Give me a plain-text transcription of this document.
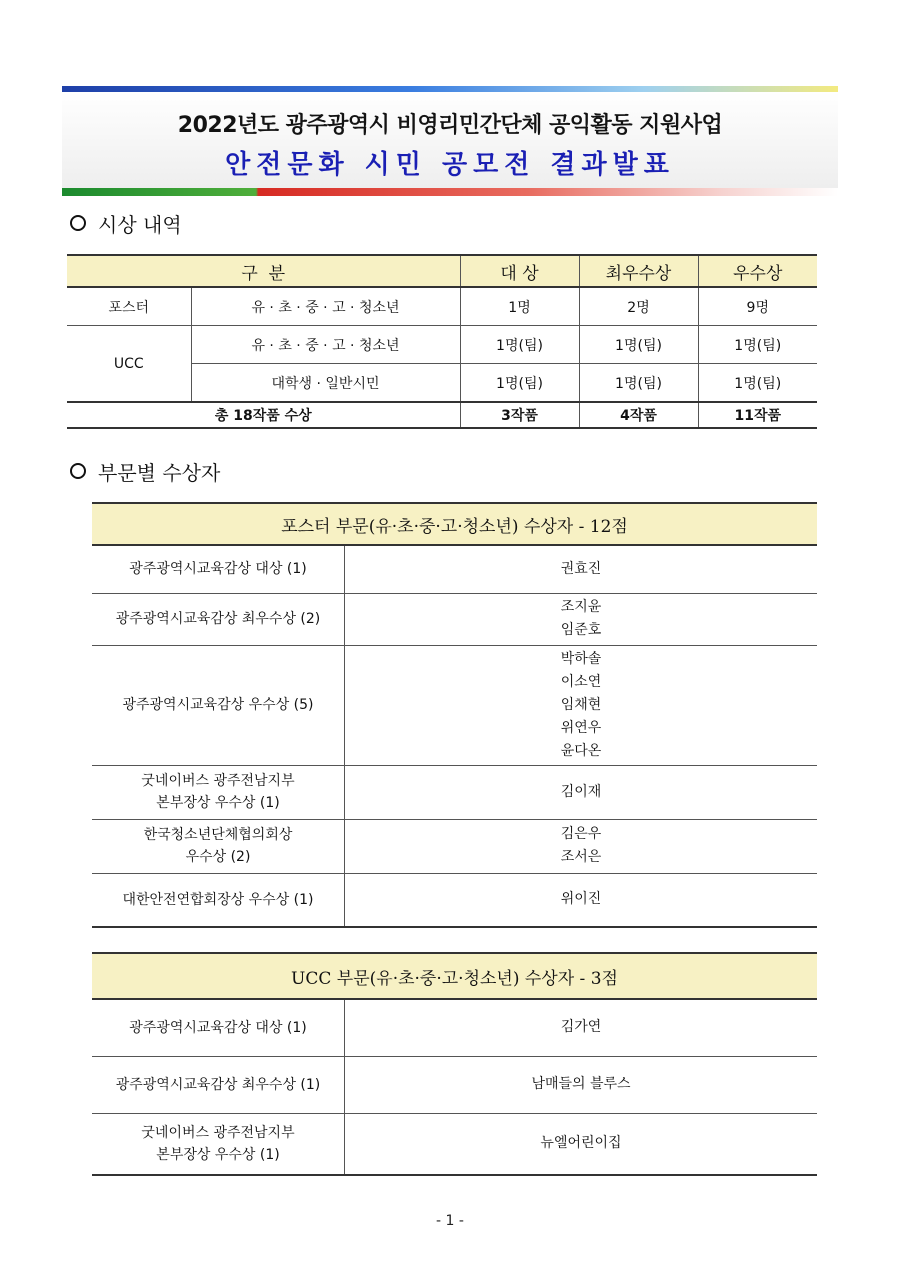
2022년도 광주광역시 비영리민간단체 공익활동 지원사업
안전문화 시민 공모전 결과발표
시상 내역
구  분		대 상	최우수상	우수상
포스터	유 · 초 · 중 · 고 · 청소년	1명	2명	9명
UCC	유 · 초 · 중 · 고 · 청소년	1명(팀)	1명(팀)	1명(팀)
	대학생 · 일반시민	1명(팀)	1명(팀)	1명(팀)
총 18작품 수상		3작품	4작품	11작품
부문별 수상자
포스터 부문(유·초·중·고·청소년) 수상자 - 12점	
광주광역시교육감상 대상 (1)	권효진

광주광역시교육감상 최우수상 (2)	조지윤
임준호

광주광역시교육감상 우수상 (5)	박하솔
이소연
임채현
위연우
윤다온

굿네이버스 광주전남지부
본부장상 우수상 (1)	김이재

한국청소년단체협의회상
우수상 (2)	김은우
조서은

대한안전연합회장상 우수상 (1)	위이진
UCC 부문(유·초·중·고·청소년) 수상자 - 3점	
광주광역시교육감상 대상 (1)	김가연

광주광역시교육감상 최우수상 (1)	남매들의 블루스

굿네이버스 광주전남지부
본부장상 우수상 (1)	뉴엘어린이집
- 1 -
